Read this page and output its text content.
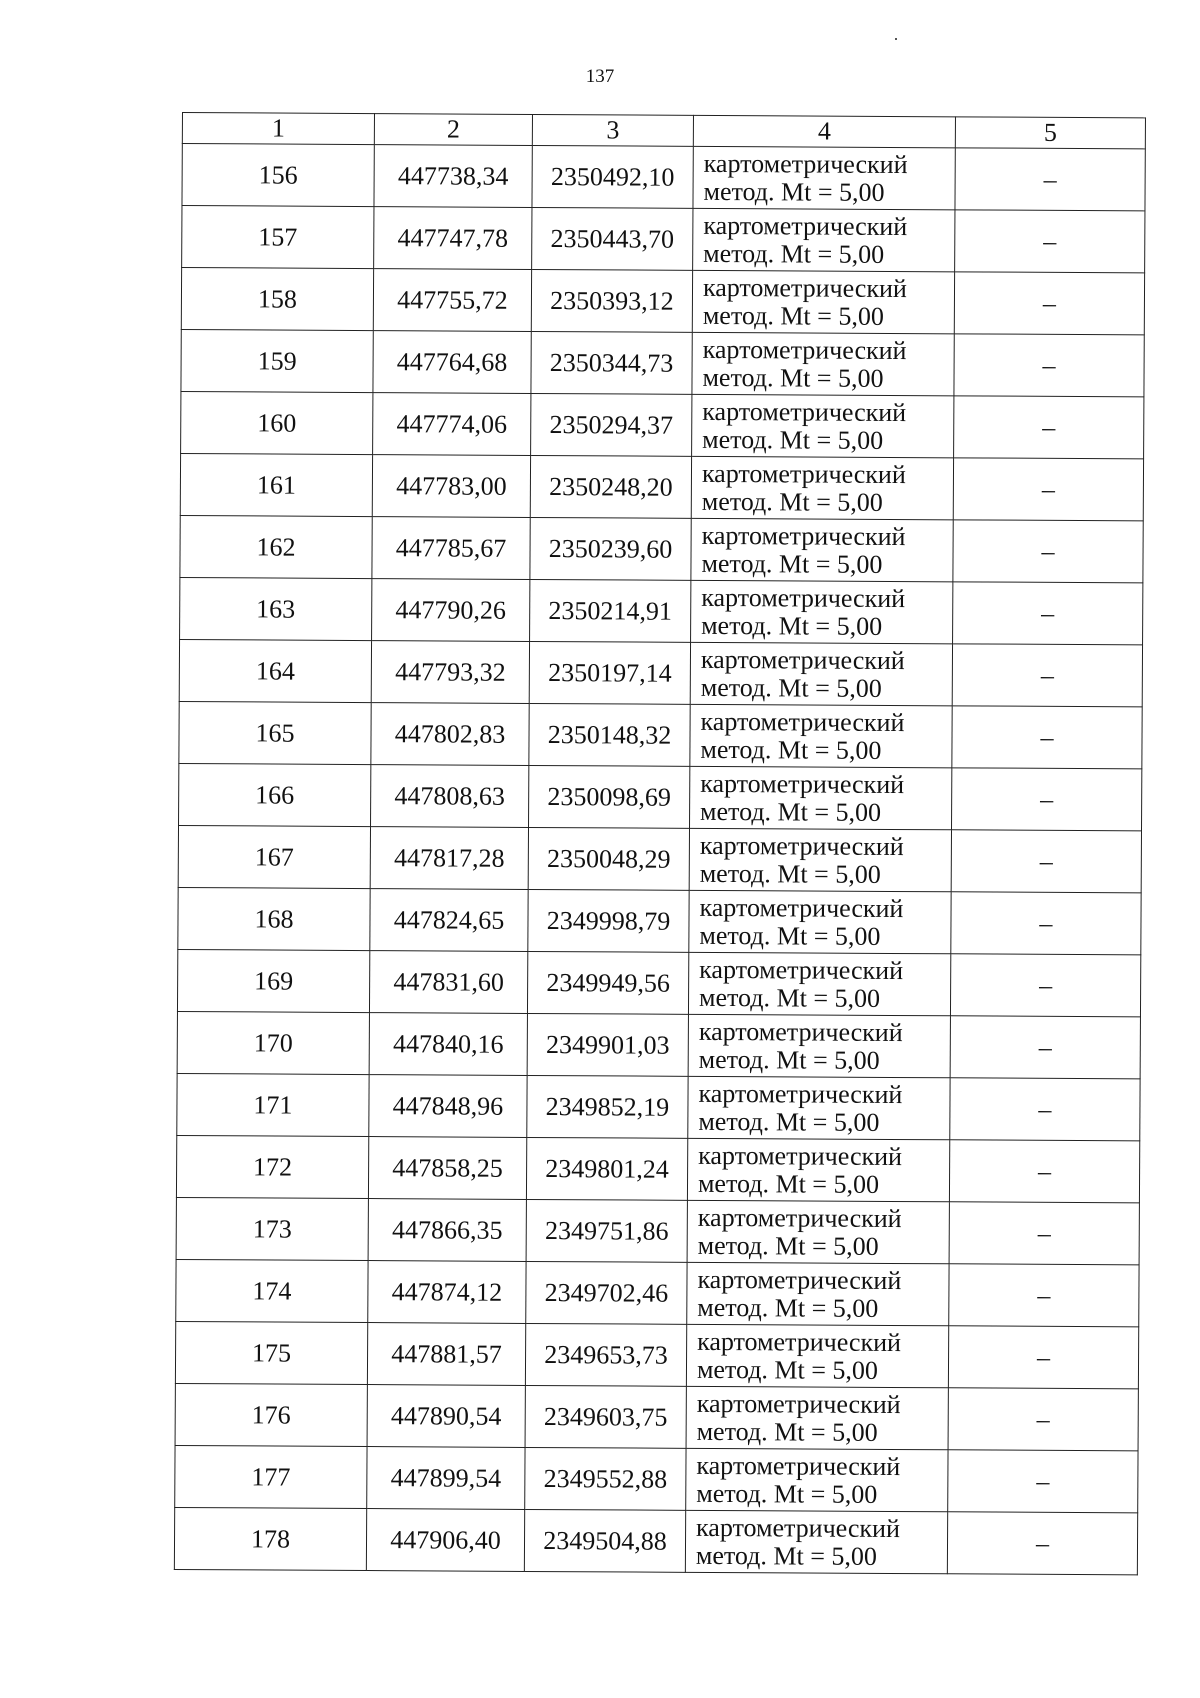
137
1	2	3	4	5
156	447738,34	2350492,10	картометрический
метод. Mt = 5,00	–
157	447747,78	2350443,70	картометрический
метод. Mt = 5,00	–
158	447755,72	2350393,12	картометрический
метод. Mt = 5,00	–
159	447764,68	2350344,73	картометрический
метод. Mt = 5,00	–
160	447774,06	2350294,37	картометрический
метод. Mt = 5,00	–
161	447783,00	2350248,20	картометрический
метод. Mt = 5,00	–
162	447785,67	2350239,60	картометрический
метод. Mt = 5,00	–
163	447790,26	2350214,91	картометрический
метод. Mt = 5,00	–
164	447793,32	2350197,14	картометрический
метод. Mt = 5,00	–
165	447802,83	2350148,32	картометрический
метод. Mt = 5,00	–
166	447808,63	2350098,69	картометрический
метод. Mt = 5,00	–
167	447817,28	2350048,29	картометрический
метод. Mt = 5,00	–
168	447824,65	2349998,79	картометрический
метод. Mt = 5,00	–
169	447831,60	2349949,56	картометрический
метод. Mt = 5,00	–
170	447840,16	2349901,03	картометрический
метод. Mt = 5,00	–
171	447848,96	2349852,19	картометрический
метод. Mt = 5,00	–
172	447858,25	2349801,24	картометрический
метод. Mt = 5,00	–
173	447866,35	2349751,86	картометрический
метод. Mt = 5,00	–
174	447874,12	2349702,46	картометрический
метод. Mt = 5,00	–
175	447881,57	2349653,73	картометрический
метод. Mt = 5,00	–
176	447890,54	2349603,75	картометрический
метод. Mt = 5,00	–
177	447899,54	2349552,88	картометрический
метод. Mt = 5,00	–
178	447906,40	2349504,88	картометрический
метод. Mt = 5,00	–
